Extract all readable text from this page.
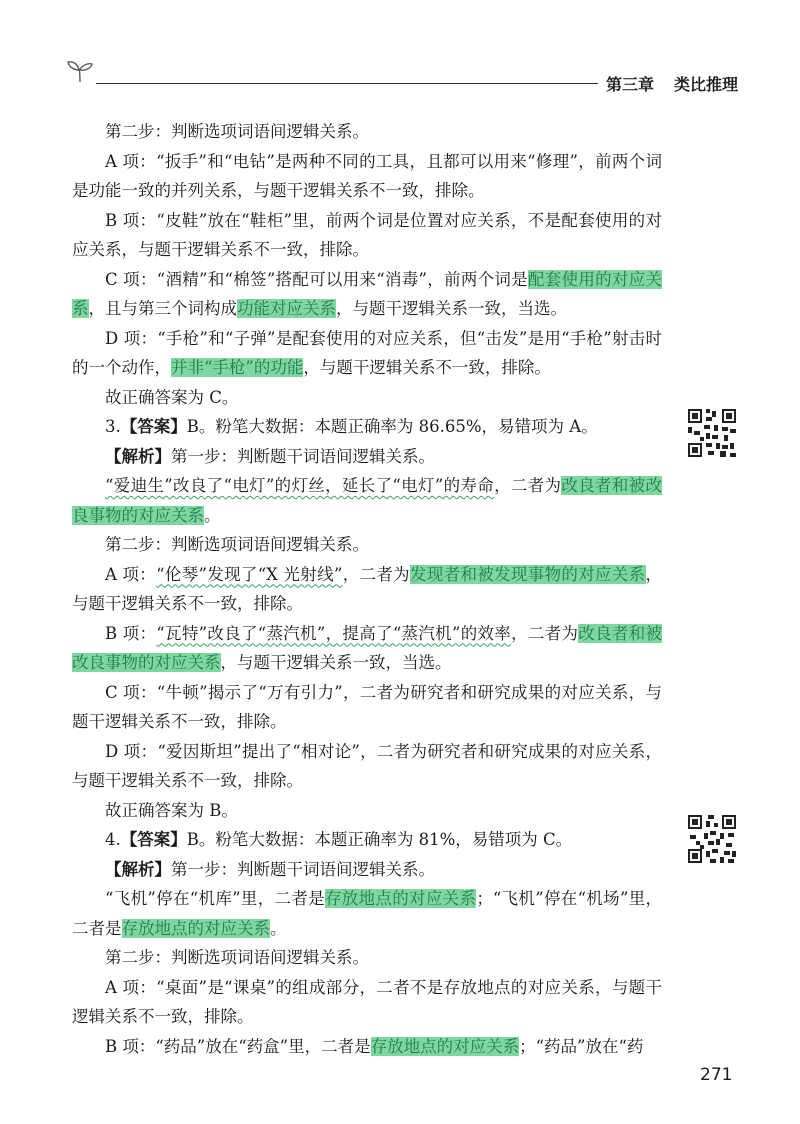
第三章 类比推理

第二步：判断选项词语间逻辑关系。

A 项：“扳手”和“电钻”是两种不同的工具，且都可以用来“修理”，前两个词是功能一致的并列关系，与题干逻辑关系不一致，排除。

B 项：“皮鞋”放在“鞋柜”里，前两个词是位置对应关系，不是配套使用的对应关系，与题干逻辑关系不一致，排除。

C 项：“酒精”和“棉签”搭配可以用来“消毒”，前两个词是配套使用的对应关系，且与第三个词构成功能对应关系，与题干逻辑关系一致，当选。

D 项：“手枪”和“子弹”是配套使用的对应关系，但“击发”是用“手枪”射击时的一个动作，并非“手枪”的功能，与题干逻辑关系不一致，排除。

故正确答案为 C。

3.【答案】B。粉笔大数据：本题正确率为 86.65%，易错项为 A。

【解析】第一步：判断题干词语间逻辑关系。

“爱迪生”改良了“电灯”的灯丝，延长了“电灯”的寿命，二者为改良者和被改良事物的对应关系。

第二步：判断选项词语间逻辑关系。

A 项：“伦琴”发现了“X 光射线”，二者为发现者和被发现事物的对应关系，与题干逻辑关系不一致，排除。

B 项：“瓦特”改良了“蒸汽机”，提高了“蒸汽机”的效率，二者为改良者和被改良事物的对应关系，与题干逻辑关系一致，当选。

C 项：“牛顿”揭示了“万有引力”，二者为研究者和研究成果的对应关系，与题干逻辑关系不一致，排除。

D 项：“爱因斯坦”提出了“相对论”，二者为研究者和研究成果的对应关系，与题干逻辑关系不一致，排除。

故正确答案为 B。

4.【答案】B。粉笔大数据：本题正确率为 81%，易错项为 C。

【解析】第一步：判断题干词语间逻辑关系。

“飞机”停在“机库”里，二者是存放地点的对应关系；“飞机”停在“机场”里，二者是存放地点的对应关系。

第二步：判断选项词语间逻辑关系。

A 项：“桌面”是“课桌”的组成部分，二者不是存放地点的对应关系，与题干逻辑关系不一致，排除。

B 项：“药品”放在“药盒”里，二者是存放地点的对应关系；“药品”放在“药

271
